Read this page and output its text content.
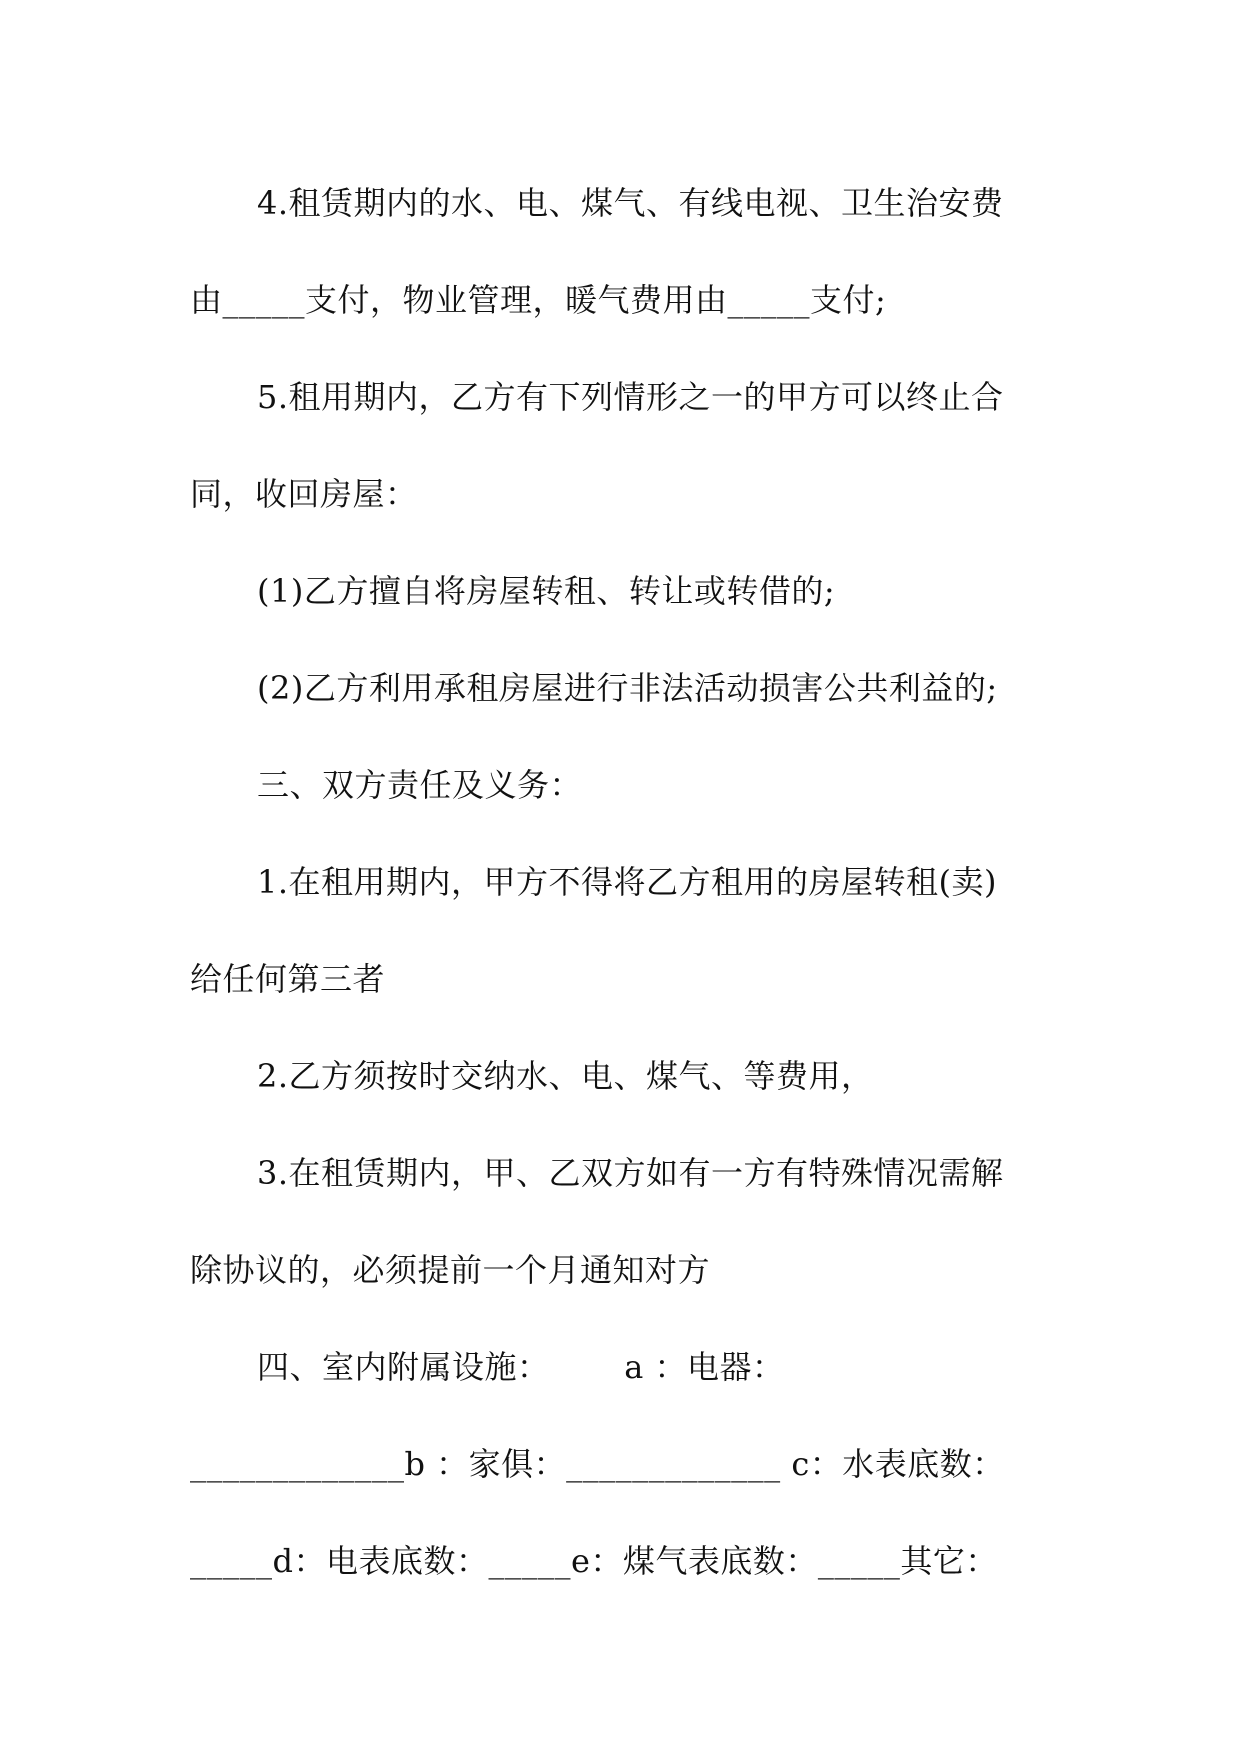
4.租赁期内的水、电、煤气、有线电视、卫生治安费
由_____支付，物业管理，暖气费用由_____支付;
5.租用期内，乙方有下列情形之一的甲方可以终止合
同，收回房屋：
(1)乙方擅自将房屋转租、转让或转借的;
(2)乙方利用承租房屋进行非法活动损害公共利益的;
三、双方责任及义务：
1.在租用期内，甲方不得将乙方租用的房屋转租(卖)
给任何第三者
2.乙方须按时交纳水、电、煤气、等费用，
3.在租赁期内，甲、乙双方如有一方有特殊情况需解
除协议的，必须提前一个月通知对方
四、室内附属设施：       a ：电器：
_____________b ：家俱：_____________ c：水表底数：
_____d：电表底数：_____e：煤气表底数：_____其它：
